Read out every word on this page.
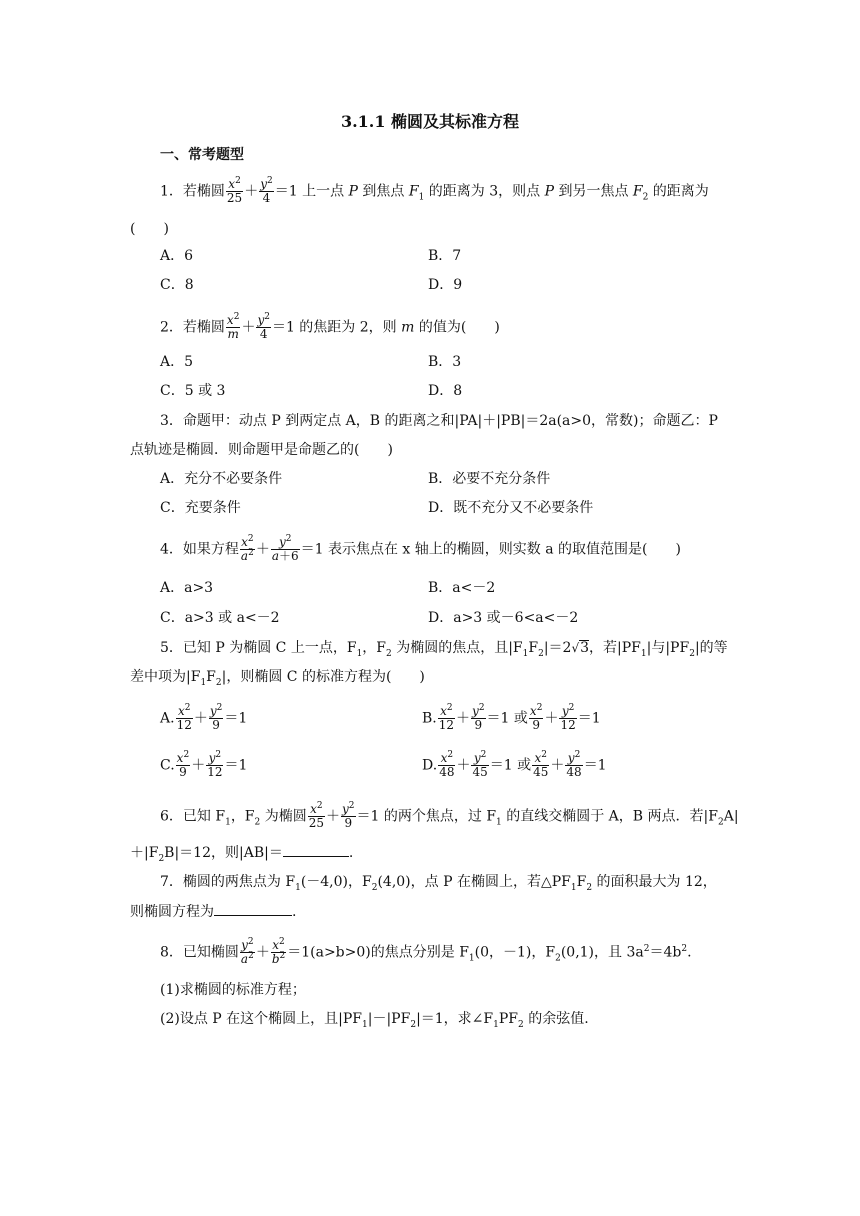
3.1.1 椭圆及其标准方程
一、常考题型
1．若椭圆 $\frac{x^2}{25} + \frac{y^2}{4} =1$ 上一点 P 到焦点 $F_1$ 的距离为 3，则点 P 到另一焦点 $F_2$ 的距离为
(　　)
A．6	B．7
C．8	D．9
2．若椭圆 $\frac{x^2}{m} + \frac{y^2}{4} =1$ 的焦距为 2，则 m 的值为(　　)
A．5	B．3
C．5 或 3	D．8
3．命题甲：动点 P 到两定点 A，B 的距离之和|PA|＋|PB|＝2a(a>0，常数)；命题乙：P
点轨迹是椭圆．则命题甲是命题乙的(　　)
A．充分不必要条件	B．必要不充分条件
C．充要条件	D．既不充分又不必要条件
4．如果方程 $\frac{x^2}{a^2} + \frac{y^2}{a+6} =1$ 表示焦点在 x 轴上的椭圆，则实数 a 的取值范围是(　　)
A．a>3	B．a<－2
C．a>3 或 a<－2	D．a>3 或－6<a<－2
5．已知 P 为椭圆 C 上一点，$F_1$，$F_2$ 为椭圆的焦点，且$|F_1F_2|=2√3$，若$|PF_1|$与$|PF_2|$的等
差中项为$|F_1F_2|$，则椭圆 C 的标准方程为(　　)
A. $\frac{x^2}{12} + \frac{y^2}{9} =1$	B. $\frac{x^2}{12} + \frac{y^2}{9} =1$ 或 $\frac{x^2}{9} + \frac{y^2}{12} =1$
C. $\frac{x^2}{9} + \frac{y^2}{12} =1$	D. $\frac{x^2}{48} + \frac{y^2}{45} =1$ 或 $\frac{x^2}{45} + \frac{y^2}{48} =1$
6．已知 $F_1$，$F_2$ 为椭圆 $\frac{x^2}{25} + \frac{y^2}{9} =1$ 的两个焦点，过 $F_1$ 的直线交椭圆于 A，B 两点．若$|F_2A|$
$+|F_2B|=12$，则|AB|＝	.
7．椭圆的两焦点为 $F_1(-4,0)$，$F_2(4,0)$，点 P 在椭圆上，若$\triangle PF_1F_2$ 的面积最大为 12，
则椭圆方程为	.
8．已知椭圆 $\frac{y^2}{a^2} + \frac{x^2}{b^2} =1(a>b>0)$的焦点分别是 $F_1(0$，－1)，$F_2(0,1)$，且 $3a^2=4b^2$.
(1)求椭圆的标准方程；
(2)设点 P 在这个椭圆上，且$|PF_1|-|PF_2|=1$，求$\angle F_1PF_2$ 的余弦值.
